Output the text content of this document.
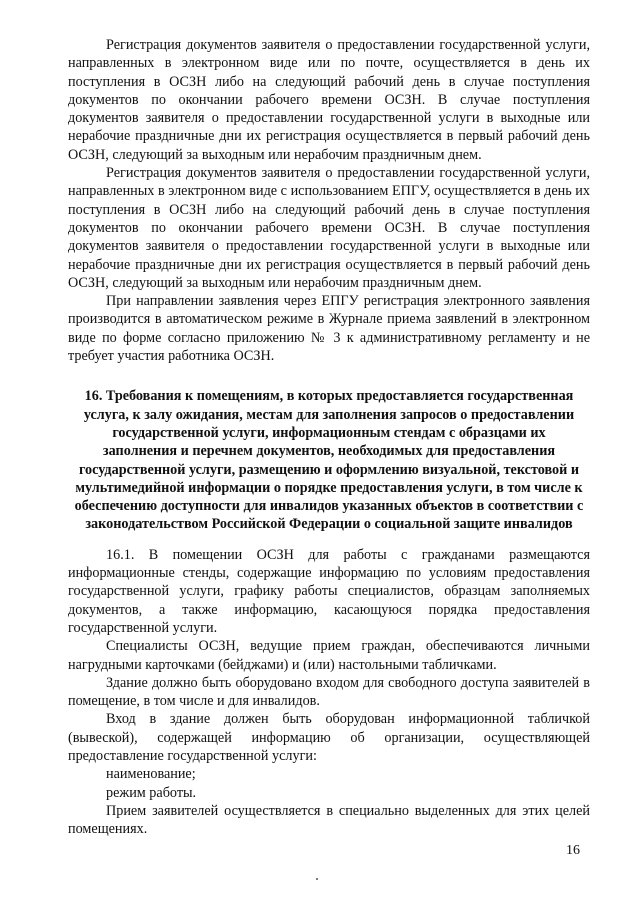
Регистрация документов заявителя о предоставлении государственной услуги, направленных в электронном виде или по почте, осуществляется в день их поступления в ОСЗН либо на следующий рабочий день в случае поступления документов по окончании рабочего времени ОСЗН. В случае поступления документов заявителя о предоставлении государственной услуги в выходные или нерабочие праздничные дни их регистрация осуществляется в первый рабочий день ОСЗН, следующий за выходным или нерабочим праздничным днем.

Регистрация документов заявителя о предоставлении государственной услуги, направленных в электронном виде с использованием ЕПГУ, осуществляется в день их поступления в ОСЗН либо на следующий рабочий день в случае поступления документов по окончании рабочего времени ОСЗН. В случае поступления документов заявителя о предоставлении государственной услуги в выходные или нерабочие праздничные дни их регистрация осуществляется в первый рабочий день ОСЗН, следующий за выходным или нерабочим праздничным днем.

При направлении заявления через ЕПГУ регистрация электронного заявления производится в автоматическом режиме в Журнале приема заявлений в электронном виде по форме согласно приложению № 3 к административному регламенту и не требует участия работника ОСЗН.

16. Требования к помещениям, в которых предоставляется государственная услуга, к залу ожидания, местам для заполнения запросов о предоставлении государственной услуги, информационным стендам с образцами их заполнения и перечнем документов, необходимых для предоставления государственной услуги, размещению и оформлению визуальной, текстовой и мультимедийной информации о порядке предоставления услуги, в том числе к обеспечению доступности для инвалидов указанных объектов в соответствии с законодательством Российской Федерации о социальной защите инвалидов

16.1. В помещении ОСЗН для работы с гражданами размещаются информационные стенды, содержащие информацию по условиям предоставления государственной услуги, графику работы специалистов, образцам заполняемых документов, а также информацию, касающуюся порядка предоставления государственной услуги.

Специалисты ОСЗН, ведущие прием граждан, обеспечиваются личными нагрудными карточками (бейджами) и (или) настольными табличками.

Здание должно быть оборудовано входом для свободного доступа заявителей в помещение, в том числе и для инвалидов.

Вход в здание должен быть оборудован информационной табличкой (вывеской), содержащей информацию об организации, осуществляющей предоставление государственной услуги:

наименование;

режим работы.

Прием заявителей осуществляется в специально выделенных для этих целей помещениях.

16
